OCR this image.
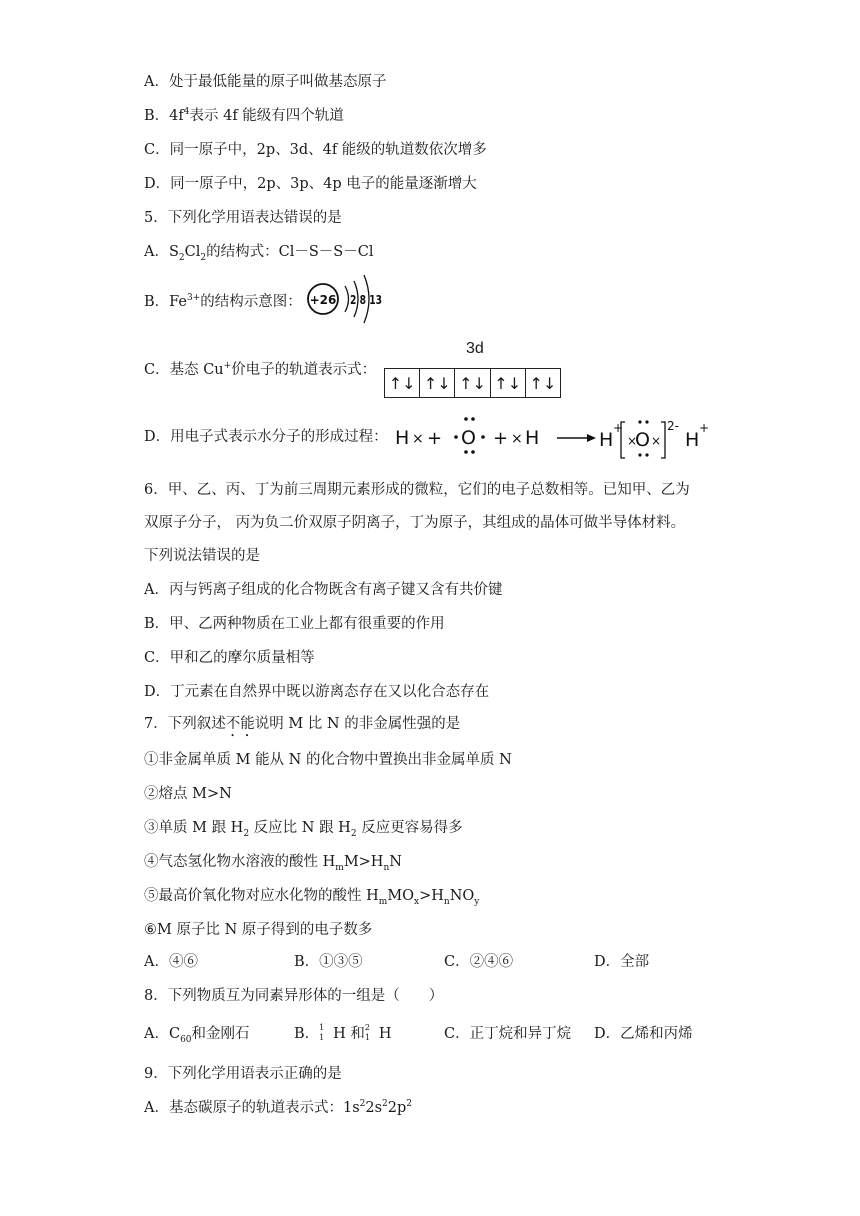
A．处于最低能量的原子叫做基态原子
B．$4f^4$表示 4f 能级有四个轨道
C．同一原子中，2p、3d、4f 能级的轨道数依次增多
D．同一原子中，2p、3p、4p 电子的能量逐渐增大
5．下列化学用语表达错误的是
A．$S_2Cl_2$的结构式：Cl－S－S－Cl
B．$Fe^{3+}$的结构示意图： +26 2 8 13
C．基态 Cu+价电子的轨道表示式：
3d
↑↓ ↑↓ ↑↓ ↑↓ ↑↓
D．用电子式表示水分子的形成过程： H × + O + × H	H
+
×
O ×
2-
H
+
6．甲、乙、丙、丁为前三周期元素形成的微粒，它们的电子总数相等。已知甲、乙为
双原子分子， 丙为负二价双原子阴离子，丁为原子，其组成的晶体可做半导体材料。
下列说法错误的是
A．丙与钙离子组成的化合物既含有离子键又含有共价键
B．甲、乙两种物质在工业上都有很重要的作用
C．甲和乙的摩尔质量相等
D．丁元素在自然界中既以游离态存在又以化合态存在
7．下列叙述不能说明 M 比 N 的非金属性强的是
①非金属单质 M 能从 N 的化合物中置换出非金属单质 N
②熔点 M>N
③单质 M 跟 $H_2$ 反应比 N 跟 $H_2$ 反应更容易得多
④气态氢化物水溶液的酸性 $H_mM>H_nN$
⑤最高价氧化物对应水化物的酸性 $H_mMO_x>H_nNO_y$
⑥M 原子比 N 原子得到的电子数多
A．④⑥	B．①③⑤	C．②④⑥	D．全部
8．下列物质互为同素异形体的一组是（　　）
A．$C_{60}$和金刚石	B． 1
1 H 和 2
1 H	C．正丁烷和异丁烷 D．乙烯和丙烯
9．下列化学用语表示正确的是
A．基态碳原子的轨道表示式：$1s^22s^22p^2$
